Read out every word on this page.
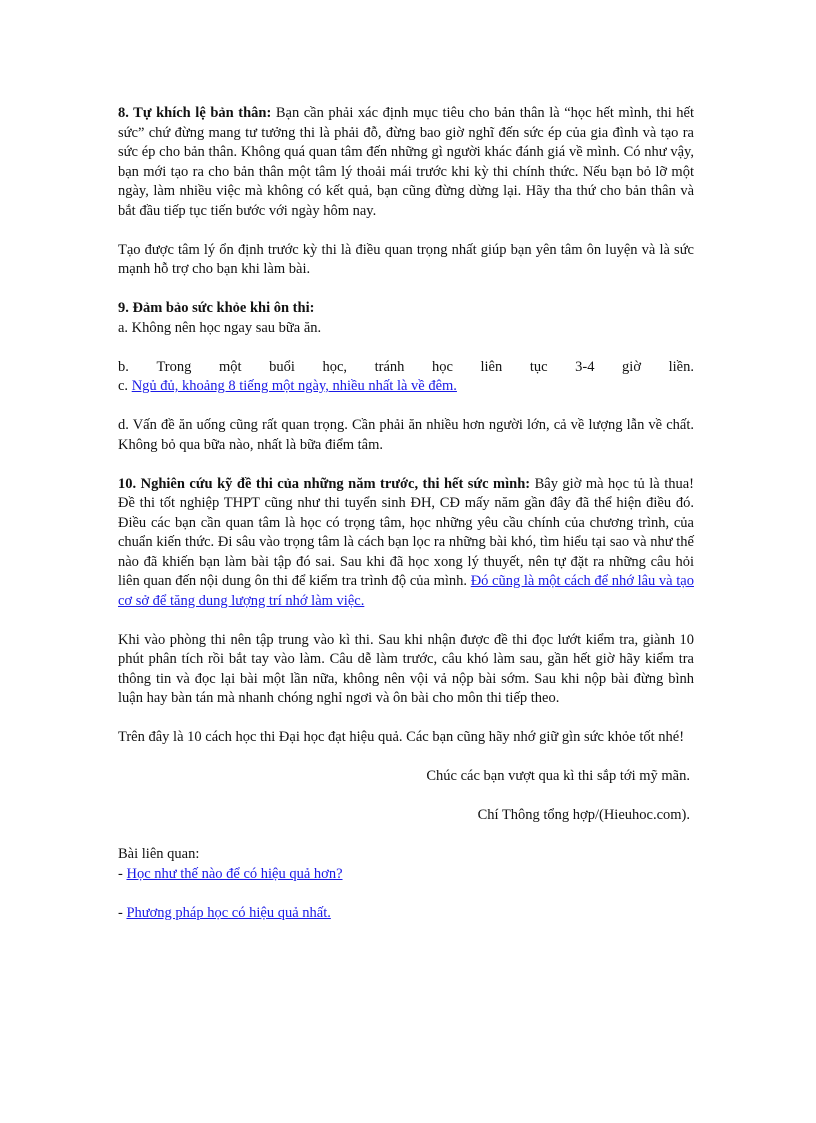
8. Tự khích lệ bản thân: Bạn cần phải xác định mục tiêu cho bản thân là “học hết mình, thi hết sức” chứ đừng mang tư tưởng thi là phải đỗ, đừng bao giờ nghĩ đến sức ép của gia đình và tạo ra sức ép cho bản thân. Không quá quan tâm đến những gì người khác đánh giá về mình. Có như vậy, bạn mới tạo ra cho bản thân một tâm lý thoải mái trước khi kỳ thi chính thức. Nếu bạn bỏ lỡ một ngày, làm nhiều việc mà không có kết quả, bạn cũng đừng dừng lại. Hãy tha thứ cho bản thân và bắt đầu tiếp tục tiến bước với ngày hôm nay.

Tạo được tâm lý ổn định trước kỳ thi là điều quan trọng nhất giúp bạn yên tâm ôn luyện và là sức mạnh hỗ trợ cho bạn khi làm bài.

9. Đảm bảo sức khỏe khi ôn thi:

a. Không nên học ngay sau bữa ăn.

b. Trong một buổi học, tránh học liên tục 3-4 giờ liền.

c. Ngủ đủ, khoảng 8 tiếng một ngày, nhiều nhất là về đêm.

d. Vấn đề ăn uống cũng rất quan trọng. Cần phải ăn nhiều hơn người lớn, cả về lượng lẫn về chất. Không bỏ qua bữa nào, nhất là bữa điểm tâm.

10. Nghiên cứu kỹ đề thi của những năm trước, thi hết sức mình: Bây giờ mà học tủ là thua! Đề thi tốt nghiệp THPT cũng như thi tuyển sinh ĐH, CĐ mấy năm gần đây đã thể hiện điều đó. Điều các bạn cần quan tâm là học có trọng tâm, học những yêu cầu chính của chương trình, của chuẩn kiến thức. Đi sâu vào trọng tâm là cách bạn lọc ra những bài khó, tìm hiểu tại sao và như thế nào đã khiến bạn làm bài tập đó sai. Sau khi đã học xong lý thuyết, nên tự đặt ra những câu hỏi liên quan đến nội dung ôn thi để kiểm tra trình độ của mình. Đó cũng là một cách để nhớ lâu và tạo cơ sở để tăng dung lượng trí nhớ làm việc.

Khi vào phòng thi nên tập trung vào kì thi. Sau khi nhận được đề thi đọc lướt kiểm tra, giành 10 phút phân tích rồi bắt tay vào làm. Câu dễ làm trước, câu khó làm sau, gần hết giờ hãy kiểm tra thông tin và đọc lại bài một lần nữa, không nên vội vả nộp bài sớm. Sau khi nộp bài đừng bình luận hay bàn tán mà nhanh chóng nghỉ ngơi và ôn bài cho môn thi tiếp theo.

Trên đây là 10 cách học thi Đại học đạt hiệu quả. Các bạn cũng hãy nhớ giữ gìn sức khỏe tốt nhé!

Chúc các bạn vượt qua kì thi sắp tới mỹ mãn.

Chí Thông tổng hợp/(Hieuhoc.com).

Bài liên quan:

- Học như thế nào để có hiệu quả hơn?

- Phương pháp học có hiệu quả nhất.
